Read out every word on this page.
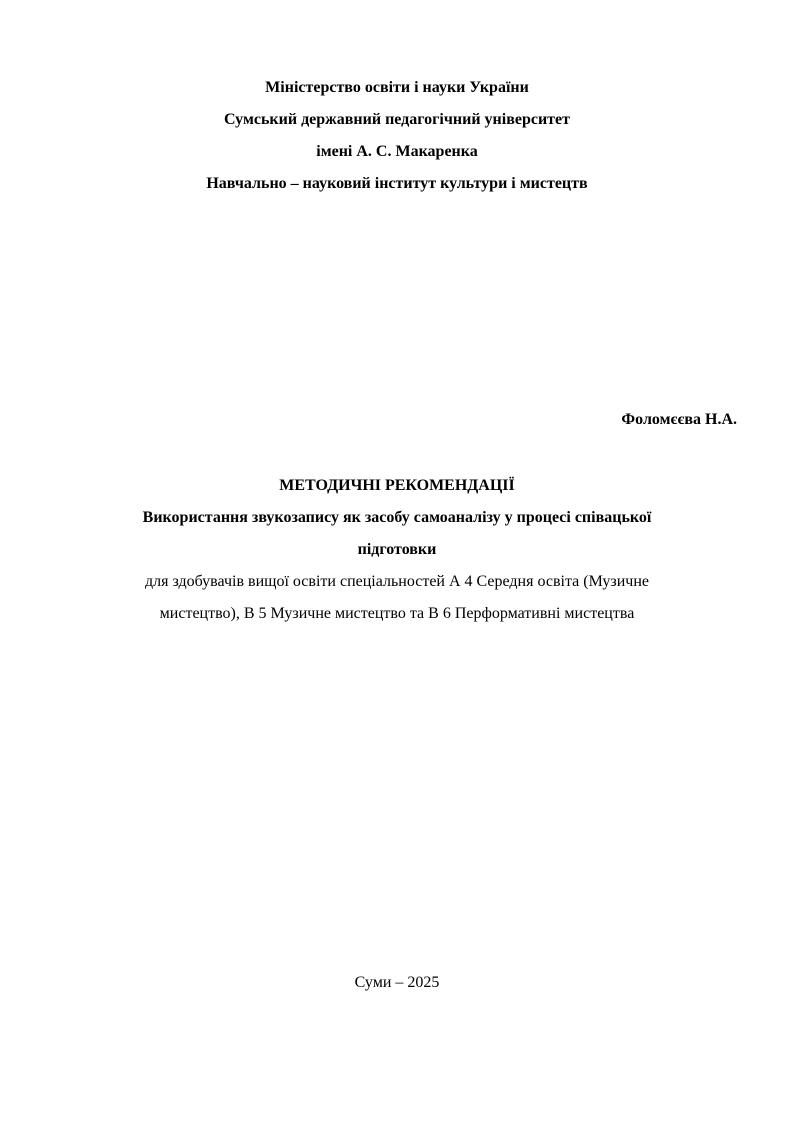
Міністерство освіти і науки України
Сумський державний педагогічний університет
імені А. С. Макаренка
Навчально – науковий інститут культури і мистецтв
Фоломєєва Н.А.
МЕТОДИЧНІ РЕКОМЕНДАЦІЇ
Використання звукозапису як засобу самоаналізу у процесі співацької
підготовки
для здобувачів вищої освіти спеціальностей А 4 Середня освіта (Музичне
мистецтво), В 5 Музичне мистецтво та В 6 Перформативні мистецтва
Суми – 2025
